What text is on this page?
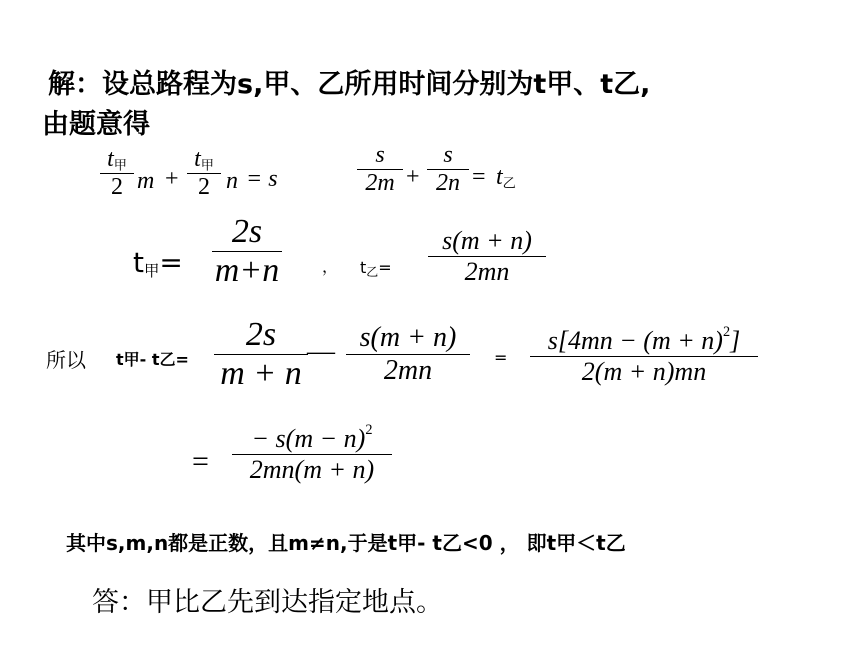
解：设总路程为s,甲、乙所用时间分别为t甲、t乙,
由题意得
$t_甲$
2 m +
$t_甲$
2 n = s
s
2m +
s
$2n = t_乙$
$t_甲=$
2s
m+n	， $t_乙=$
s(m + n)
2mn
所以 t甲- t乙=
2s
m + n
— s(m + n)
2mn	=
$s[4mn - (m + n)^2]$
2(m + n)mn
=
− $s(m - n)^2$
2mn(m + n)
其中s,m,n都是正数，且m≠n,于是t甲- t乙<0 ， 即t甲＜t乙
答：甲比乙先到达指定地点。
